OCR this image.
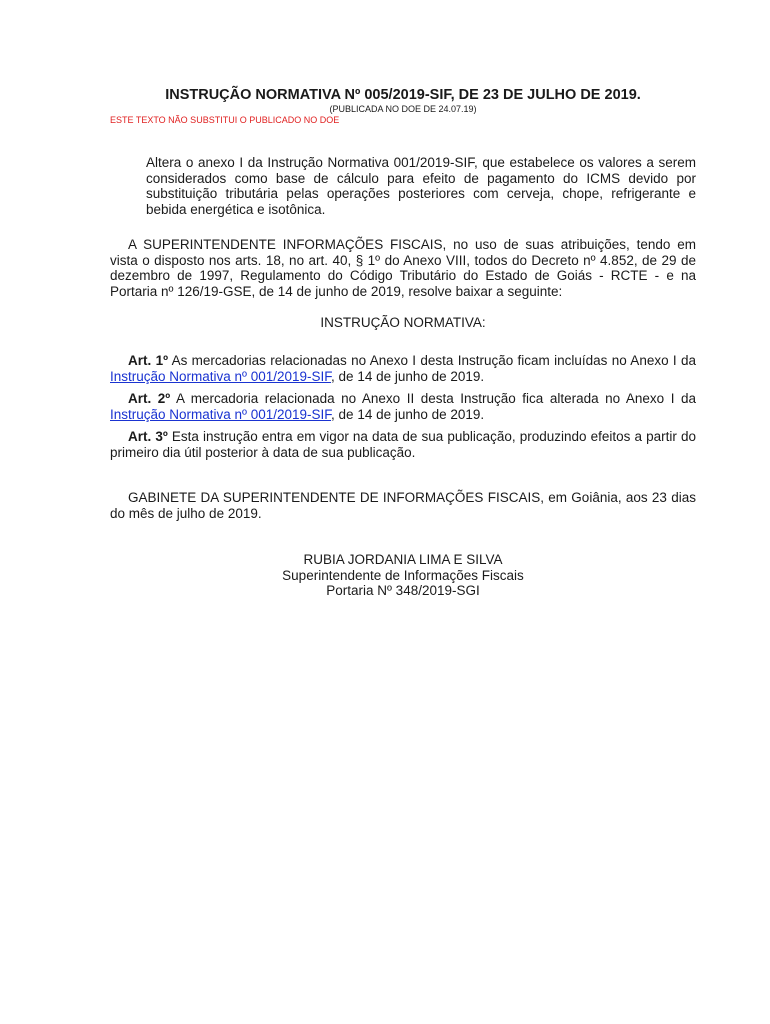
INSTRUÇÃO NORMATIVA Nº 005/2019-SIF, DE 23 DE JULHO DE 2019.

(PUBLICADA NO DOE DE 24.07.19)

ESTE TEXTO NÃO SUBSTITUI O PUBLICADO NO DOE

Altera o anexo I da Instrução Normativa 001/2019-SIF, que estabelece os valores a serem considerados como base de cálculo para efeito de pagamento do ICMS devido por substituição tributária pelas operações posteriores com cerveja, chope, refrigerante e bebida energética e isotônica.

A SUPERINTENDENTE INFORMAÇÕES FISCAIS, no uso de suas atribuições, tendo em vista o disposto nos arts. 18, no art. 40, § 1º do Anexo VIII, todos do Decreto nº 4.852, de 29 de dezembro de 1997, Regulamento do Código Tributário do Estado de Goiás - RCTE - e na Portaria nº 126/19-GSE, de 14 de junho de 2019, resolve baixar a seguinte:

INSTRUÇÃO NORMATIVA:

Art. 1º As mercadorias relacionadas no Anexo I desta Instrução ficam incluídas no Anexo I da Instrução Normativa nº 001/2019-SIF, de 14 de junho de 2019.

Art. 2º A mercadoria relacionada no Anexo II desta Instrução fica alterada no Anexo I da Instrução Normativa nº 001/2019-SIF, de 14 de junho de 2019.

Art. 3º Esta instrução entra em vigor na data de sua publicação, produzindo efeitos a partir do primeiro dia útil posterior à data de sua publicação.

GABINETE DA SUPERINTENDENTE DE INFORMAÇÕES FISCAIS, em Goiânia, aos 23 dias do mês de julho de 2019.

RUBIA JORDANIA LIMA E SILVA
Superintendente de Informações Fiscais
Portaria Nº 348/2019-SGI
